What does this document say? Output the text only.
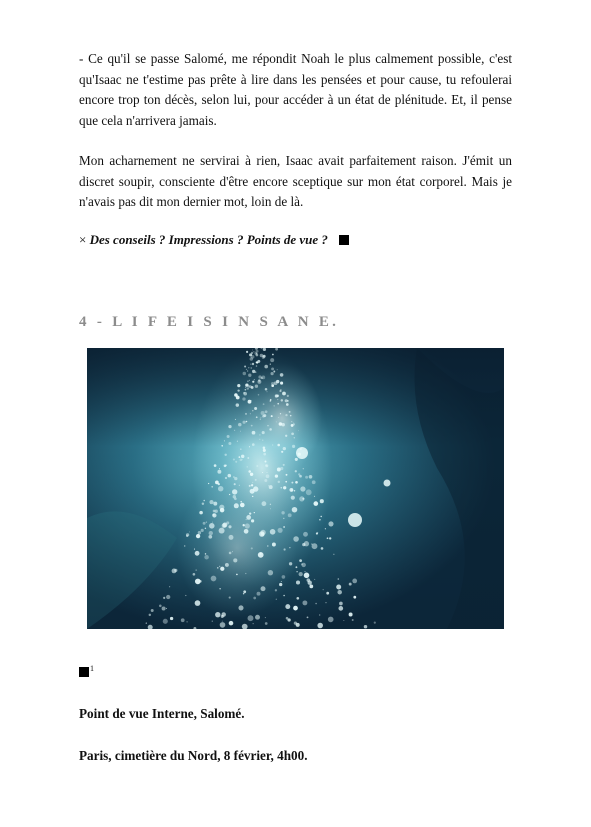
- Ce qu'il se passe Salomé, me répondit Noah le plus calmement possible, c'est qu'Isaac ne t'estime pas prête à lire dans les pensées et pour cause, tu refoulerai encore trop ton décès, selon lui, pour accéder à un état de plénitude. Et, il pense que cela n'arrivera jamais.

Mon acharnement ne servirai à rien, Isaac avait parfaitement raison. J'émit un discret soupir, consciente d'être encore sceptique sur mon état corporel. Mais je n'avais pas dit mon dernier mot, loin de là.

× Des conseils ? Impressions ? Points de vue ?
4 - L I F E I S I N S A N E.
$^1$
Point de vue Interne, Salomé.
Paris, cimetière du Nord, 8 février, 4h00.
